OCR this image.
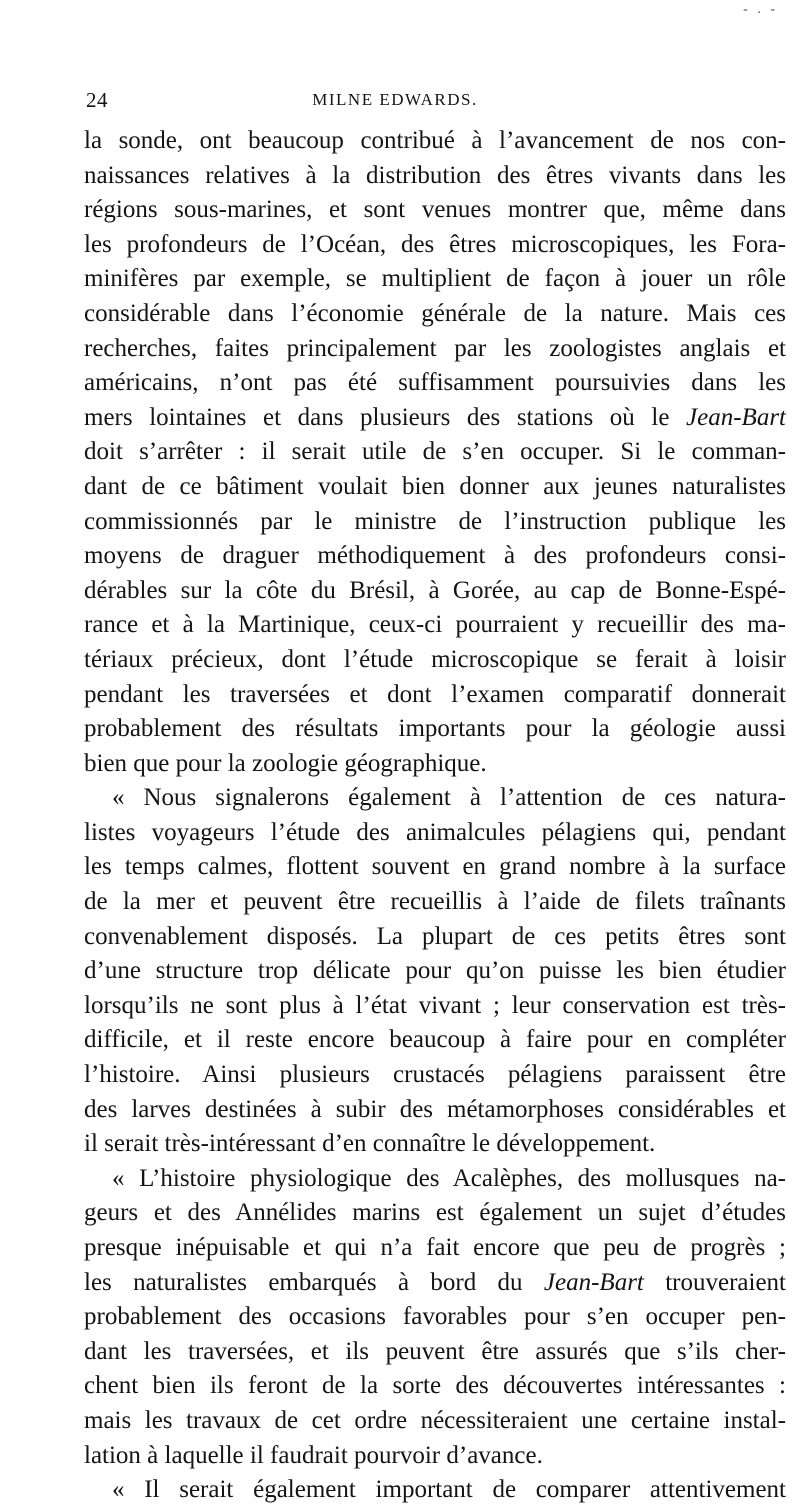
- . -
24	MILNE EDWARDS.
la sonde, ont beaucoup contribué à l’avancement de nos con-
naissances relatives à la distribution des êtres vivants dans les
régions sous-marines, et sont venues montrer que, même dans
les profondeurs de l’Océan, des êtres microscopiques, les Fora-
minifères par exemple, se multiplient de façon à jouer un rôle
considérable dans l’économie générale de la nature. Mais ces
recherches, faites principalement par les zoologistes anglais et
américains, n’ont pas été suffisamment poursuivies dans les
mers lointaines et dans plusieurs des stations où le Jean-Bart
doit s’arrêter : il serait utile de s’en occuper. Si le comman-
dant de ce bâtiment voulait bien donner aux jeunes naturalistes
commissionnés par le ministre de l’instruction publique les
moyens de draguer méthodiquement à des profondeurs consi-
dérables sur la côte du Brésil, à Gorée, au cap de Bonne-Espé-
rance et à la Martinique, ceux-ci pourraient y recueillir des ma-
tériaux précieux, dont l’étude microscopique se ferait à loisir
pendant les traversées et dont l’examen comparatif donnerait
probablement des résultats importants pour la géologie aussi
bien que pour la zoologie géographique.
« Nous signalerons également à l’attention de ces natura-
listes voyageurs l’étude des animalcules pélagiens qui, pendant
les temps calmes, flottent souvent en grand nombre à la surface
de la mer et peuvent être recueillis à l’aide de filets traînants
convenablement disposés. La plupart de ces petits êtres sont
d’une structure trop délicate pour qu’on puisse les bien étudier
lorsqu’ils ne sont plus à l’état vivant ; leur conservation est très-
difficile, et il reste encore beaucoup à faire pour en compléter
l’histoire. Ainsi plusieurs crustacés pélagiens paraissent être
des larves destinées à subir des métamorphoses considérables et
il serait très-intéressant d’en connaître le développement.
« L’histoire physiologique des Acalèphes, des mollusques na-
geurs et des Annélides marins est également un sujet d’études
presque inépuisable et qui n’a fait encore que peu de progrès ;
les naturalistes embarqués à bord du Jean-Bart trouveraient
probablement des occasions favorables pour s’en occuper pen-
dant les traversées, et ils peuvent être assurés que s’ils cher-
chent bien ils feront de la sorte des découvertes intéressantes :
mais les travaux de cet ordre nécessiteraient une certaine instal-
lation à laquelle il faudrait pourvoir d’avance.
« Il serait également important de comparer attentivement
